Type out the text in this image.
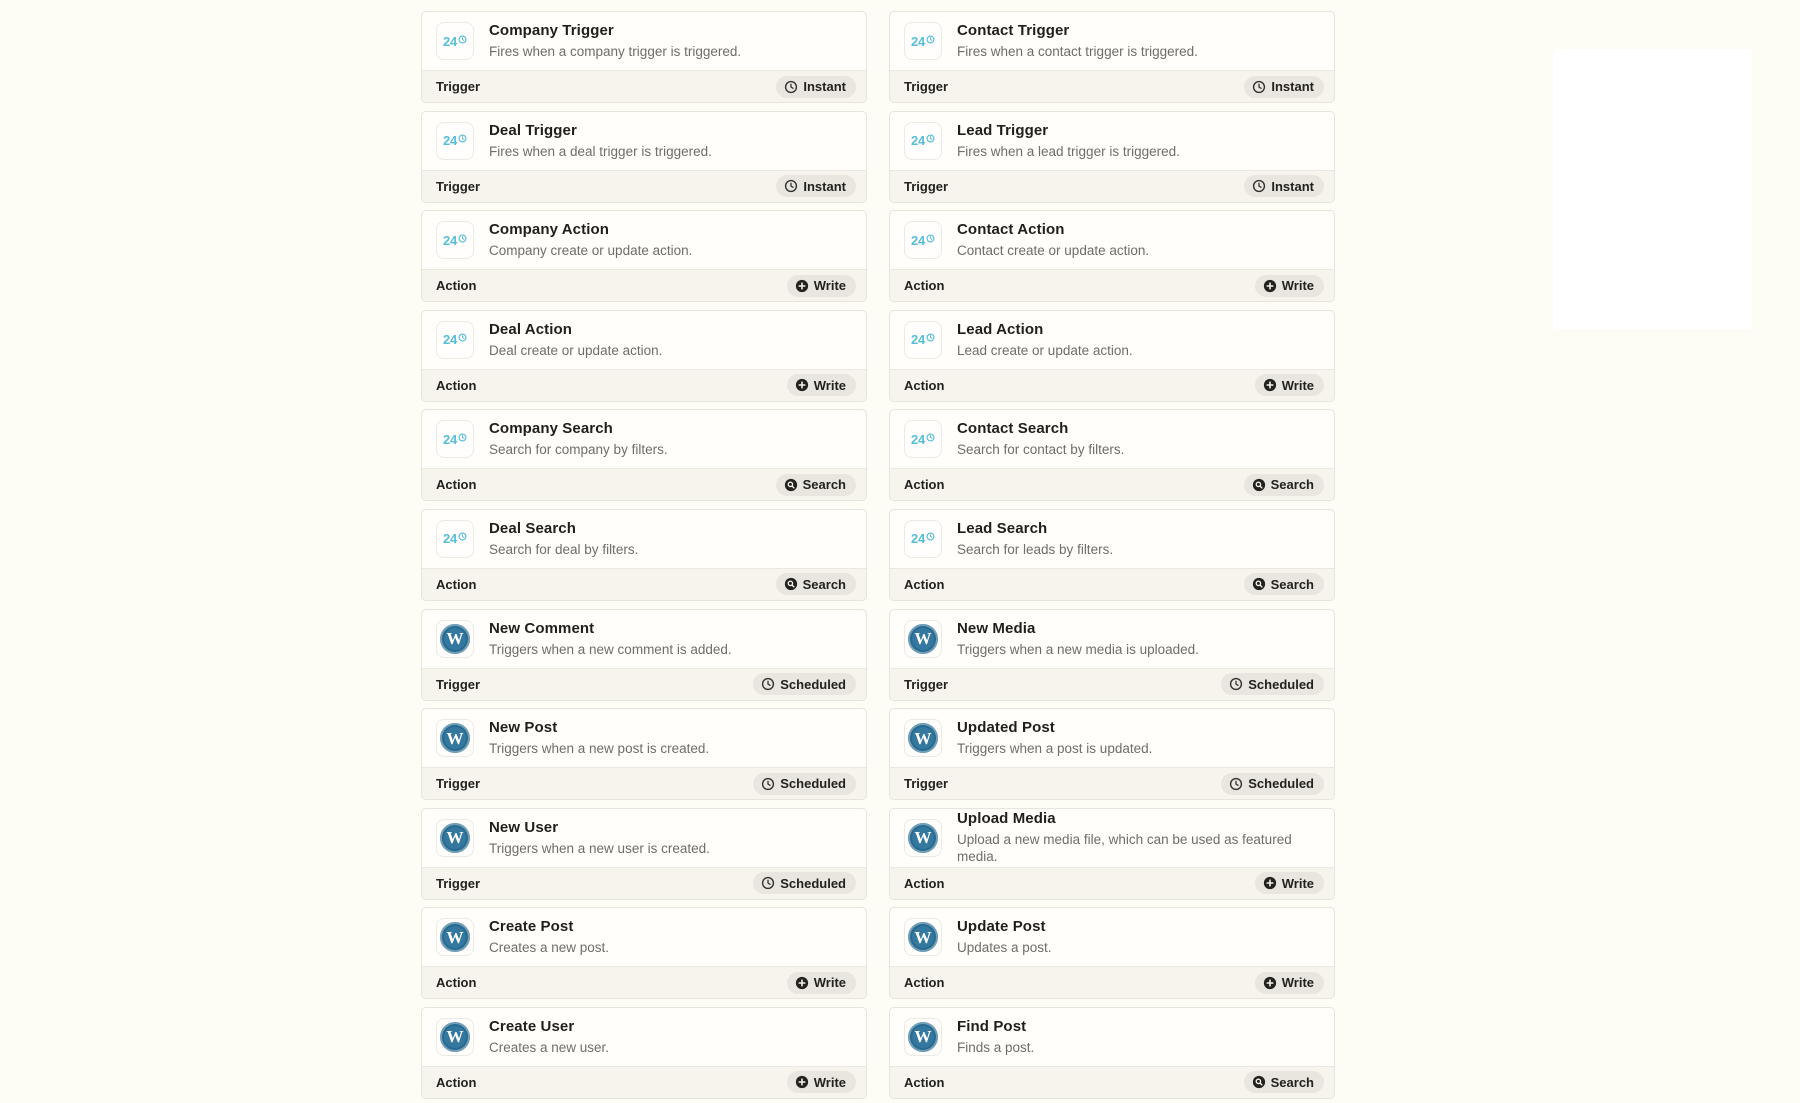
24
Company Trigger
Fires when a company trigger is triggered.
Trigger	Instant
24
Contact Trigger
Fires when a contact trigger is triggered.
Trigger	Instant
24
Deal Trigger
Fires when a deal trigger is triggered.
Trigger	Instant
24
Lead Trigger
Fires when a lead trigger is triggered.
Trigger	Instant
24
Company Action
Company create or update action.
Action	Write
24
Contact Action
Contact create or update action.
Action	Write
24
Deal Action
Deal create or update action.
Action	Write
24
Lead Action
Lead create or update action.
Action	Write
24
Company Search
Search for company by filters.
Action	Search
24
Contact Search
Search for contact by filters.
Action	Search
24
Deal Search
Search for deal by filters.
Action	Search
24
Lead Search
Search for leads by filters.
Action	Search
W
New Comment
Triggers when a new comment is added.
Trigger	Scheduled
W
New Media
Triggers when a new media is uploaded.
Trigger	Scheduled
W
New Post
Triggers when a new post is created.
Trigger	Scheduled
W
Updated Post
Triggers when a post is updated.
Trigger	Scheduled
W
New User
Triggers when a new user is created.
Trigger	Scheduled
W
Upload Media
Upload a new media file, which can be used as featured media.
Action	Write
W
Create Post
Creates a new post.
Action	Write
W
Update Post
Updates a post.
Action	Write
W
Create User
Creates a new user.
Action	Write
W
Find Post
Finds a post.
Action	Search
